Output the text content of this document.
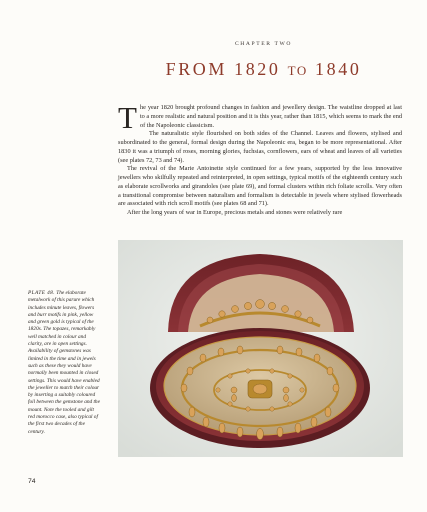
CHAPTER TWO
FROM 1820 TO 1840

The year 1820 brought profound changes in fashion and jewellery design. The waistline dropped at last to a more realistic and natural position and it is this year, rather than 1815, which seems to mark the end of the Napoleonic classicism.

The naturalistic style flourished on both sides of the Channel. Leaves and flowers, stylised and subordinated to the general, formal design during the Napoleonic era, began to be more representational. After 1830 it was a triumph of roses, morning glories, fuchsias, cornflowers, ears of wheat and leaves of all varieties (see plates 72, 73 and 74).

The revival of the Marie Antoinette style continued for a few years, supported by the less innovative jewellers who skilfully repeated and reinterpreted, in open settings, typical motifs of the eighteenth century such as elaborate scrollworks and girandoles (see plate 69), and formal clusters within rich foliate scrolls. Very often a transitional compromise between naturalism and formalism is detectable in jewels where stylised flowerheads are associated with rich scroll motifs (see plates 68 and 71).

After the long years of war in Europe, precious metals and stones were relatively rare

PLATE 48. The elaborate metalwork of this parure which includes minute leaves, flowers and burr motifs in pink, yellow and green gold is typical of the 1820s. The topazes, remarkably well matched in colour and clarity, are in open settings. Availability of gemstones was limited in the time and in jewels such as these they would have normally been mounted in closed settings. This would have enabled the jeweller to match their colour by inserting a suitably coloured foil between the gemstone and the mount. Note the tooled and gilt red morocco case, also typical of the first two decades of the century.
74
